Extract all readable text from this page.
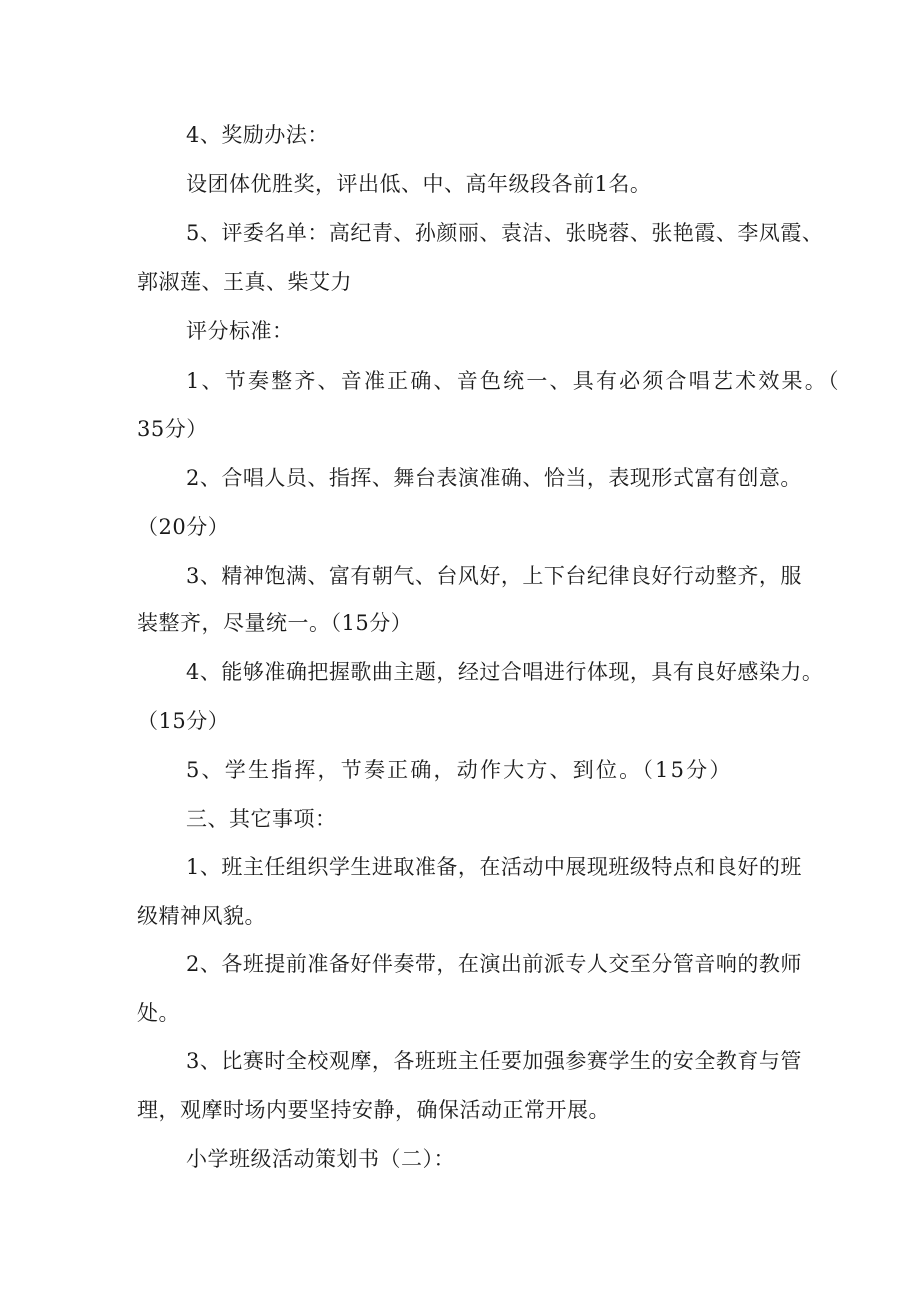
4、奖励办法：
设团体优胜奖，评出低、中、高年级段各前1名。
5、评委名单：高纪青、孙颜丽、袁洁、张晓蓉、张艳霞、李凤霞、
郭淑莲、王真、柴艾力
评分标准：
1、节奏整齐、音准正确、音色统一、具有必须合唱艺术效果。（
35分）
2、合唱人员、指挥、舞台表演准确、恰当，表现形式富有创意。
（20分）
3、精神饱满、富有朝气、台风好，上下台纪律良好行动整齐，服
装整齐，尽量统一。（15分）
4、能够准确把握歌曲主题，经过合唱进行体现，具有良好感染力。
（15分）
5、学生指挥，节奏正确，动作大方、到位。（15分）
三、其它事项：
1、班主任组织学生进取准备，在活动中展现班级特点和良好的班
级精神风貌。
2、各班提前准备好伴奏带，在演出前派专人交至分管音响的教师
处。
3、比赛时全校观摩，各班班主任要加强参赛学生的安全教育与管
理，观摩时场内要坚持安静，确保活动正常开展。
小学班级活动策划书（二）：
